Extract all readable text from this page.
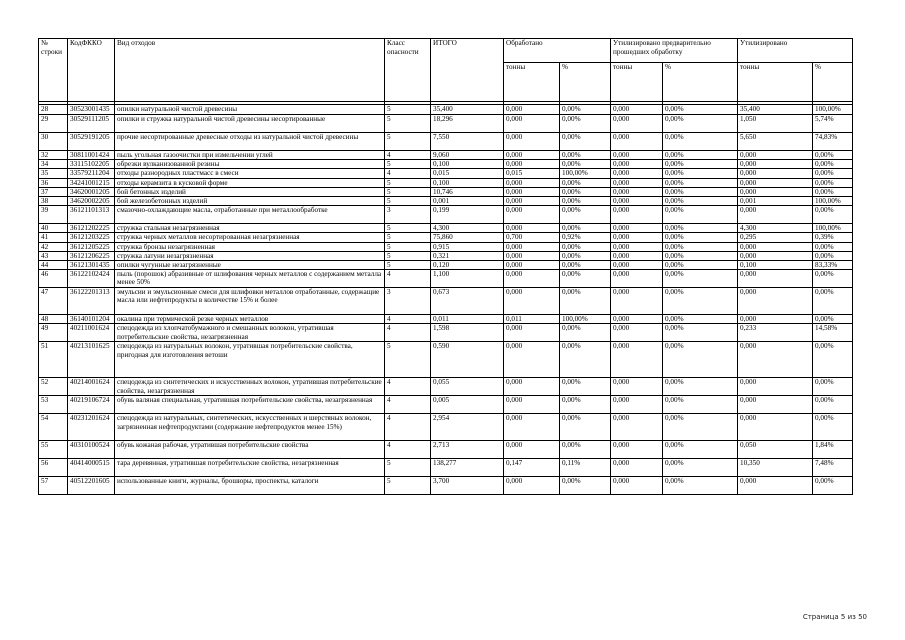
№ строки	КодФККО	Вид отходов	Класс опасности	ИТОГО	Обработано		Утилизировано предварительно прошедших обработку		Утилизировано	
					тонны	%	тонны	%	тонны	%

28	30523001435	опилки натуральной чистой древесины	5	35,400	0,000	0,00%	0,000	0,00%	35,400	100,00%
29	30529111205	опилки и стружка натуральной чистой древесины несортированные	5	18,296	0,000	0,00%	0,000	0,00%	1,050	5,74%
30	30529191205	прочие несортированные древесные отходы из натуральной чистой древесины	5	7,550	0,000	0,00%	0,000	0,00%	5,650	74,83%
32	30811001424	пыль угольная газоочистки при измельчении углей	4	9,060	0,000	0,00%	0,000	0,00%	0,000	0,00%
34	33115102205	обрезки вулканизованной резины	5	0,100	0,000	0,00%	0,000	0,00%	0,000	0,00%
35	33579211204	отходы разнородных пластмасс в смеси	4	0,015	0,015	100,00%	0,000	0,00%	0,000	0,00%
36	34241001215	отходы керамзита в кусковой форме	5	0,100	0,000	0,00%	0,000	0,00%	0,000	0,00%
37	34620001205	бой бетонных изделий	5	10,746	0,000	0,00%	0,000	0,00%	0,000	0,00%
38	34620002205	бой железобетонных изделий	5	0,001	0,000	0,00%	0,000	0,00%	0,001	100,00%
39	36121101313	смазочно-охлаждающие масла, отработанные при металлообработке	3	0,199	0,000	0,00%	0,000	0,00%	0,000	0,00%
40	36121202225	стружка стальная незагрязненная	5	4,300	0,000	0,00%	0,000	0,00%	4,300	100,00%
41	36121203225	стружка черных металлов несортированная незагрязненная	5	75,860	0,700	0,92%	0,000	0,00%	0,295	0,39%
42	36121205225	стружка бронзы незагрязненная	5	0,915	0,000	0,00%	0,000	0,00%	0,000	0,00%
43	36121206225	стружка латуни незагрязненная	5	0,321	0,000	0,00%	0,000	0,00%	0,000	0,00%
44	36121301435	опилки чугунные незагрязненные	5	0,120	0,000	0,00%	0,000	0,00%	0,100	83,33%
46	36122102424	пыль (порошок) абразивные от шлифования черных металлов с содержанием металла менее 50%	4	1,100	0,000	0,00%	0,000	0,00%	0,000	0,00%
47	36122201313	эмульсии и эмульсионные смеси для шлифовки металлов отработанные, содержащие масла или нефтепродукты в количестве 15% и более	3	0,673	0,000	0,00%	0,000	0,00%	0,000	0,00%
48	36140101204	окалина при термической резке черных металлов	4	0,011	0,011	100,00%	0,000	0,00%	0,000	0,00%
49	40211001624	спецодежда из хлопчатобумажного и смешанных волокон, утратившая потребительские свойства, незагрязненная	4	1,598	0,000	0,00%	0,000	0,00%	0,233	14,58%
51	40213101625	спецодежда из натуральных волокон, утратившая потребительские свойства, пригодная для изготовления ветоши	5	0,590	0,000	0,00%	0,000	0,00%	0,000	0,00%
52	40214001624	спецодежда из синтетических и искусственных волокон, утратившая потребительские свойства, незагрязненная	4	0,055	0,000	0,00%	0,000	0,00%	0,000	0,00%
53	40219106724	обувь валяная специальная, утратившая потребительские свойства, незагрязненная	4	0,005	0,000	0,00%	0,000	0,00%	0,000	0,00%
54	40231201624	спецодежда из натуральных, синтетических, искусственных и шерстяных волокон, загрязненная нефтепродуктами (содержание нефтепродуктов менее 15%)	4	2,954	0,000	0,00%	0,000	0,00%	0,000	0,00%
55	40310100524	обувь кожаная рабочая, утратившая потребительские свойства	4	2,713	0,000	0,00%	0,000	0,00%	0,050	1,84%
56	40414000515	тара деревянная, утратившая потребительские свойства, незагрязненная	5	138,277	0,147	0,11%	0,000	0,00%	10,350	7,48%
57	40512201605	использованные книги, журналы, брошюры, проспекты, каталоги	5	3,700	0,000	0,00%	0,000	0,00%	0,000	0,00%
Страница 5 из 50
